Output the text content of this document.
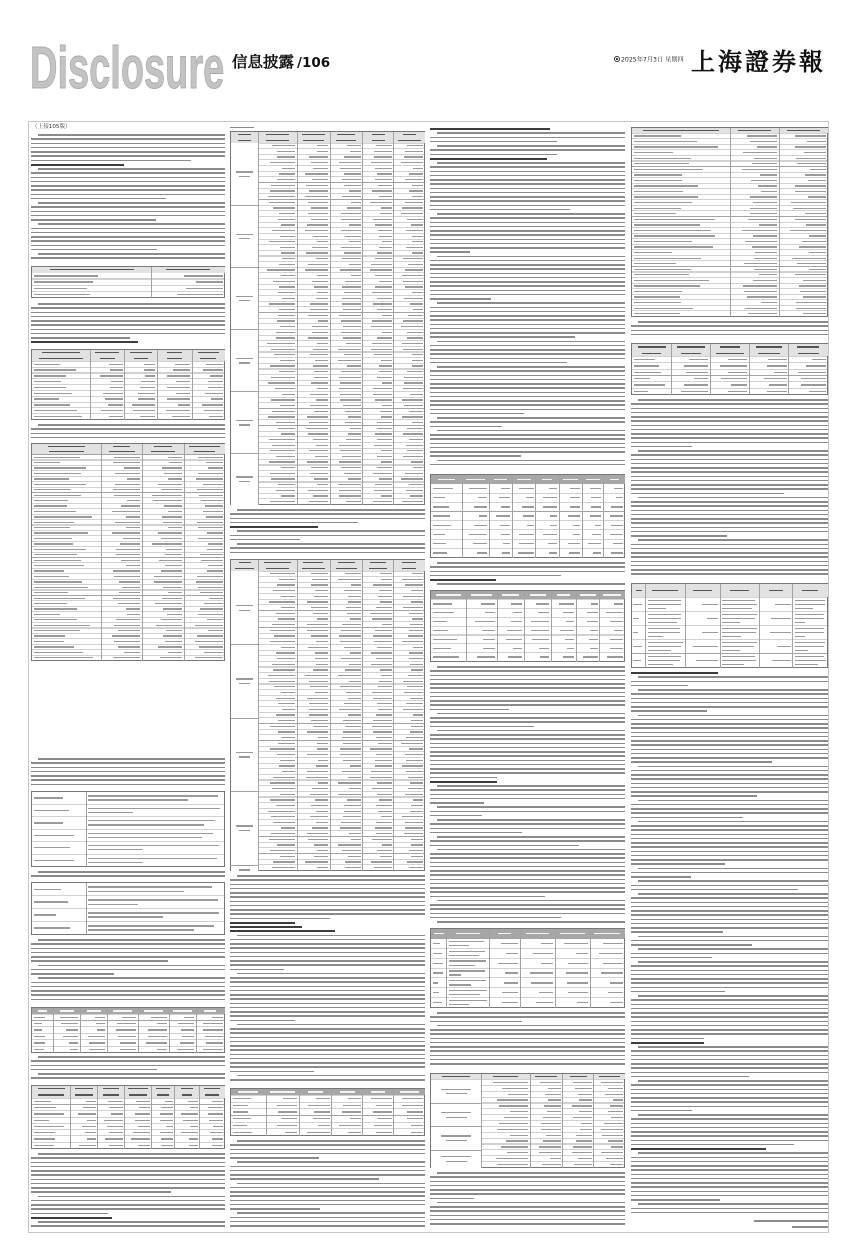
Disclosure 信息披露 /106	2025年7月3日 星期四 上海證券報
（上接105版）
